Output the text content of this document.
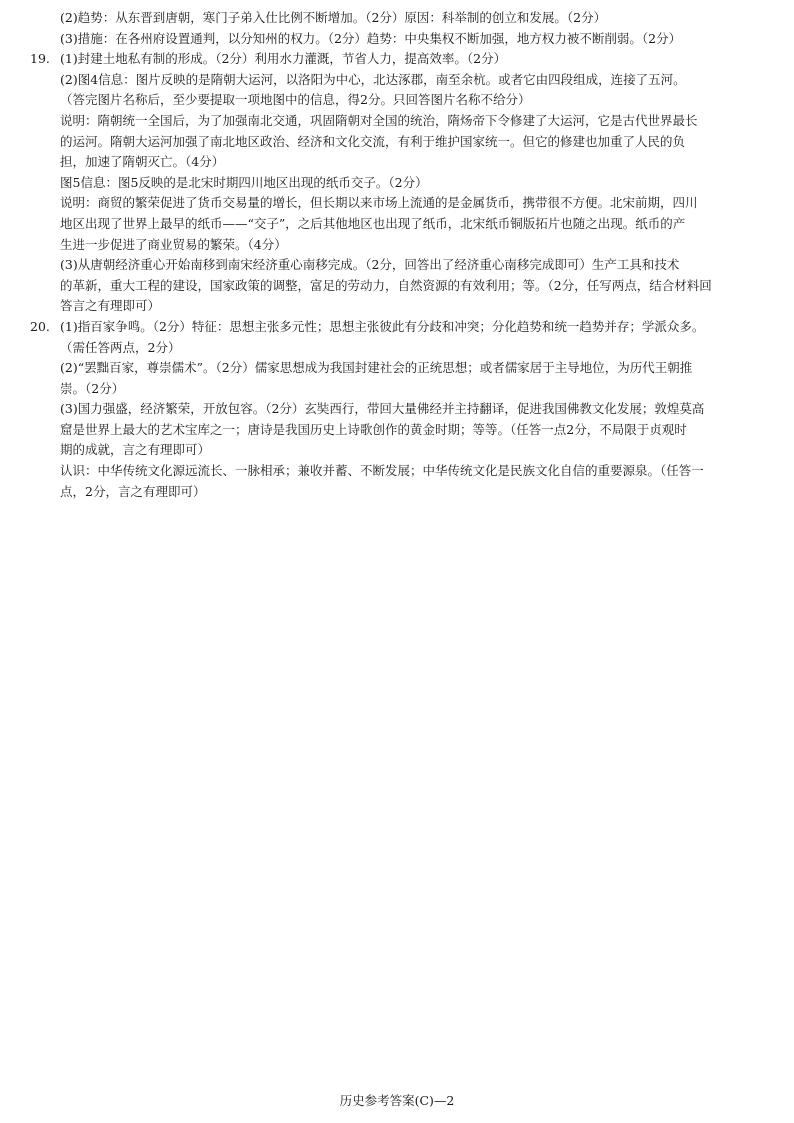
(2)趋势：从东晋到唐朝，寒门子弟入仕比例不断增加。（2分）原因：科举制的创立和发展。（2分）
(3)措施：在各州府设置通判，以分知州的权力。（2分）趋势：中央集权不断加强，地方权力被不断削弱。（2分）
19. (1)封建土地私有制的形成。（2分）利用水力灌溉，节省人力，提高效率。（2分）
(2)图4信息：图片反映的是隋朝大运河，以洛阳为中心，北达涿郡，南至余杭。或者它由四段组成，连接了五河。
（答完图片名称后，至少要提取一项地图中的信息，得2分。只回答图片名称不给分）
说明：隋朝统一全国后，为了加强南北交通，巩固隋朝对全国的统治，隋炀帝下令修建了大运河，它是古代世界最长
的运河。隋朝大运河加强了南北地区政治、经济和文化交流，有利于维护国家统一。但它的修建也加重了人民的负
担，加速了隋朝灭亡。（4分）
图5信息：图5反映的是北宋时期四川地区出现的纸币交子。（2分）
说明：商贸的繁荣促进了货币交易量的增长，但长期以来市场上流通的是金属货币，携带很不方便。北宋前期，四川
地区出现了世界上最早的纸币——“交子”，之后其他地区也出现了纸币，北宋纸币铜版拓片也随之出现。纸币的产
生进一步促进了商业贸易的繁荣。（4分）
(3)从唐朝经济重心开始南移到南宋经济重心南移完成。（2分，回答出了经济重心南移完成即可）生产工具和技术
的革新，重大工程的建设，国家政策的调整，富足的劳动力，自然资源的有效利用；等。（2分，任写两点，结合材料回
答言之有理即可）
20. (1)指百家争鸣。（2分）特征：思想主张多元性；思想主张彼此有分歧和冲突；分化趋势和统一趋势并存；学派众多。
（需任答两点，2分）
(2)“罢黜百家，尊崇儒术”。（2分）儒家思想成为我国封建社会的正统思想；或者儒家居于主导地位，为历代王朝推
崇。（2分）
(3)国力强盛，经济繁荣，开放包容。（2分）玄奘西行，带回大量佛经并主持翻译，促进我国佛教文化发展；敦煌莫高
窟是世界上最大的艺术宝库之一；唐诗是我国历史上诗歌创作的黄金时期；等等。（任答一点2分，不局限于贞观时
期的成就，言之有理即可）
认识：中华传统文化源远流长、一脉相承；兼收并蓄、不断发展；中华传统文化是民族文化自信的重要源泉。（任答一
点，2分，言之有理即可）
历史参考答案(C)—2
